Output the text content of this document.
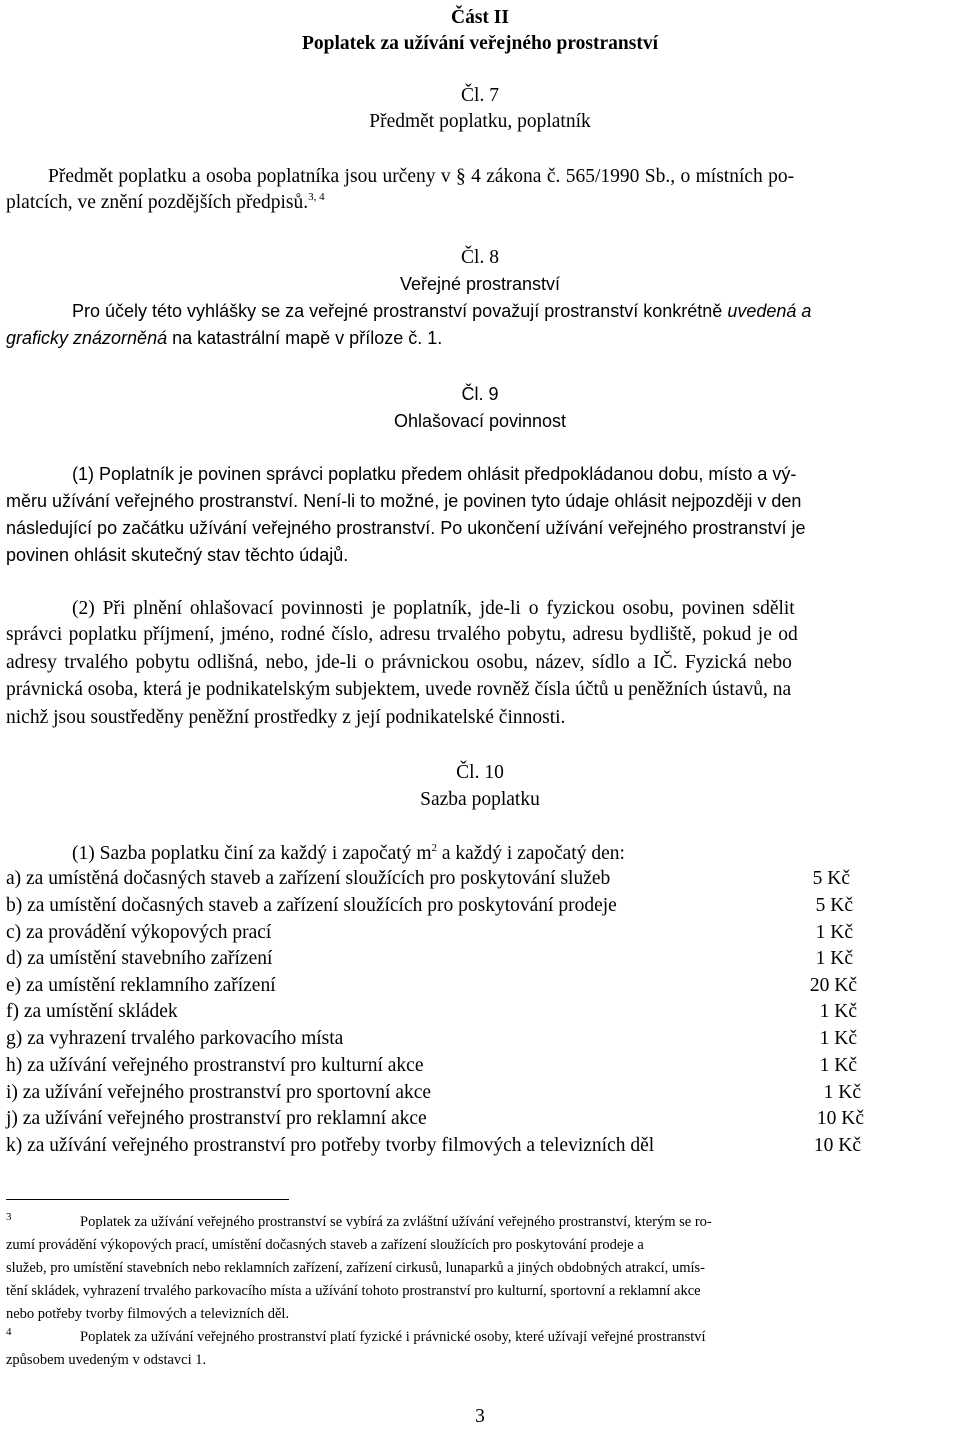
Část II
Poplatek za užívání veřejného prostranství
Čl. 7
Předmět poplatku, poplatník
Předmět poplatku a osoba poplatníka jsou určeny v § 4 zákona č. 565/1990 Sb., o místních po-
platcích, ve znění pozdějších předpisů.$^{3, 4}$
Čl. 8
Veřejné prostranství
Pro účely této vyhlášky se za veřejné prostranství považují prostranství konkrétně uvedená a
graficky znázorněná na katastrální mapě v příloze č. 1.
Čl. 9
Ohlašovací povinnost
(1) Poplatník je povinen správci poplatku předem ohlásit předpokládanou dobu, místo a vý-
měru užívání veřejného prostranství. Není-li to možné, je povinen tyto údaje ohlásit nejpozději v den
následující po začátku užívání veřejného prostranství. Po ukončení užívání veřejného prostranství je
povinen ohlásit skutečný stav těchto údajů.
(2) Při plnění ohlašovací povinnosti je poplatník, jde-li o fyzickou osobu, povinen sdělit
správci poplatku příjmení, jméno, rodné číslo, adresu trvalého pobytu, adresu bydliště, pokud je od
adresy trvalého pobytu odlišná, nebo, jde-li o právnickou osobu, název, sídlo a IČ. Fyzická nebo
právnická osoba, která je podnikatelským subjektem, uvede rovněž čísla účtů u peněžních ústavů, na
nichž jsou soustředěny peněžní prostředky z její podnikatelské činnosti.
Čl. 10
Sazba poplatku
(1) Sazba poplatku činí za každý i započatý $m^2$ a každý i započatý den:
a) za umístěná dočasných staveb a zařízení sloužících pro poskytování služeb	5 Kč
b) za umístění dočasných staveb a zařízení sloužících pro poskytování prodeje	5 Kč
c) za provádění výkopových prací	1 Kč
d) za umístění stavebního zařízení	1 Kč
e) za umístění reklamního zařízení	20 Kč
f) za umístění skládek	1 Kč
g) za vyhrazení trvalého parkovacího místa	1 Kč
h) za užívání veřejného prostranství pro kulturní akce	1 Kč
i) za užívání veřejného prostranství pro sportovní akce	1 Kč
j) za užívání veřejného prostranství pro reklamní akce	10 Kč
k) za užívání veřejného prostranství pro potřeby tvorby filmových a televizních děl	10 Kč
3	Poplatek za užívání veřejného prostranství se vybírá za zvláštní užívání veřejného prostranství, kterým se ro-
zumí provádění výkopových prací, umístění dočasných staveb a zařízení sloužících pro poskytování prodeje a
služeb, pro umístění stavebních nebo reklamních zařízení, zařízení cirkusů, lunaparků a jiných obdobných atrakcí, umís-
tění skládek, vyhrazení trvalého parkovacího místa a užívání tohoto prostranství pro kulturní, sportovní a reklamní akce
nebo potřeby tvorby filmových a televizních děl.
4	Poplatek za užívání veřejného prostranství platí fyzické i právnické osoby, které užívají veřejné prostranství
způsobem uvedeným v odstavci 1.
3
